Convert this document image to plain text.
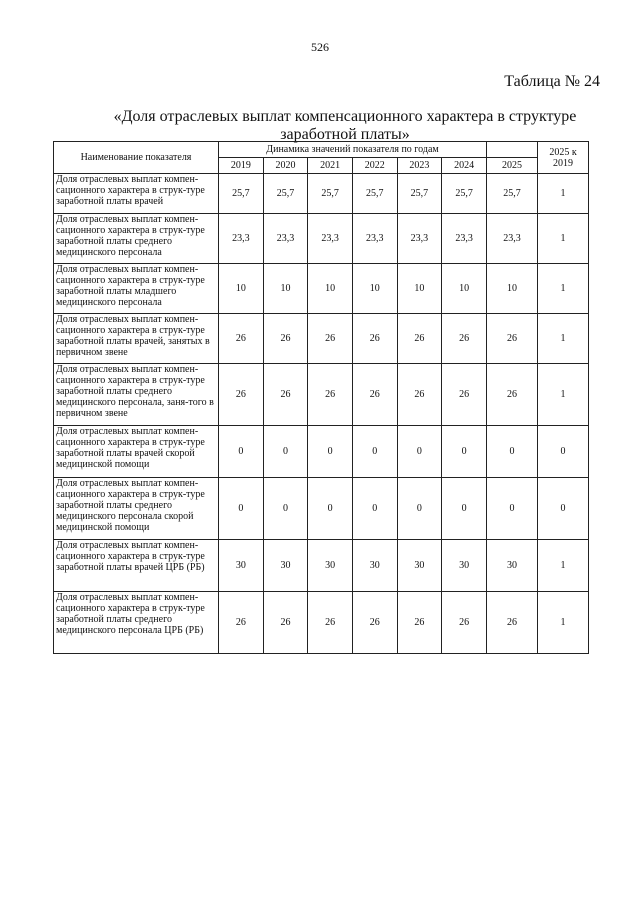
526
Таблица № 24
«Доля отраслевых выплат компенсационного характера в структуре заработной платы»
Наименование показателя	Динамика значений показателя по годам							2025 к 2019
	2019	2020	2021	2022	2023	2024	2025	
Доля отраслевых выплат компен-сационного характера в струк-туре заработной платы врачей	25,7	25,7	25,7	25,7	25,7	25,7	25,7	1
Доля отраслевых выплат компен-сационного характера в струк-туре заработной платы среднего медицинского персонала	23,3	23,3	23,3	23,3	23,3	23,3	23,3	1
Доля отраслевых выплат компен-сационного характера в струк-туре заработной платы младшего медицинского персонала	10	10	10	10	10	10	10	1
Доля отраслевых выплат компен-сационного характера в струк-туре заработной платы врачей, занятых в первичном звене	26	26	26	26	26	26	26	1
Доля отраслевых выплат компен-сационного характера в струк-туре заработной платы среднего медицинского персонала, заня-того в первичном звене	26	26	26	26	26	26	26	1
Доля отраслевых выплат компен-сационного характера в струк-туре заработной платы врачей скорой медицинской помощи	0	0	0	0	0	0	0	0
Доля отраслевых выплат компен-сационного характера в струк-туре заработной платы среднего медицинского персонала скорой медицинской помощи	0	0	0	0	0	0	0	0
Доля отраслевых выплат компен-сационного характера в струк-туре заработной платы врачей ЦРБ (РБ)	30	30	30	30	30	30	30	1
Доля отраслевых выплат компен-сационного характера в струк-туре заработной платы среднего медицинского персонала ЦРБ (РБ)	26	26	26	26	26	26	26	1
